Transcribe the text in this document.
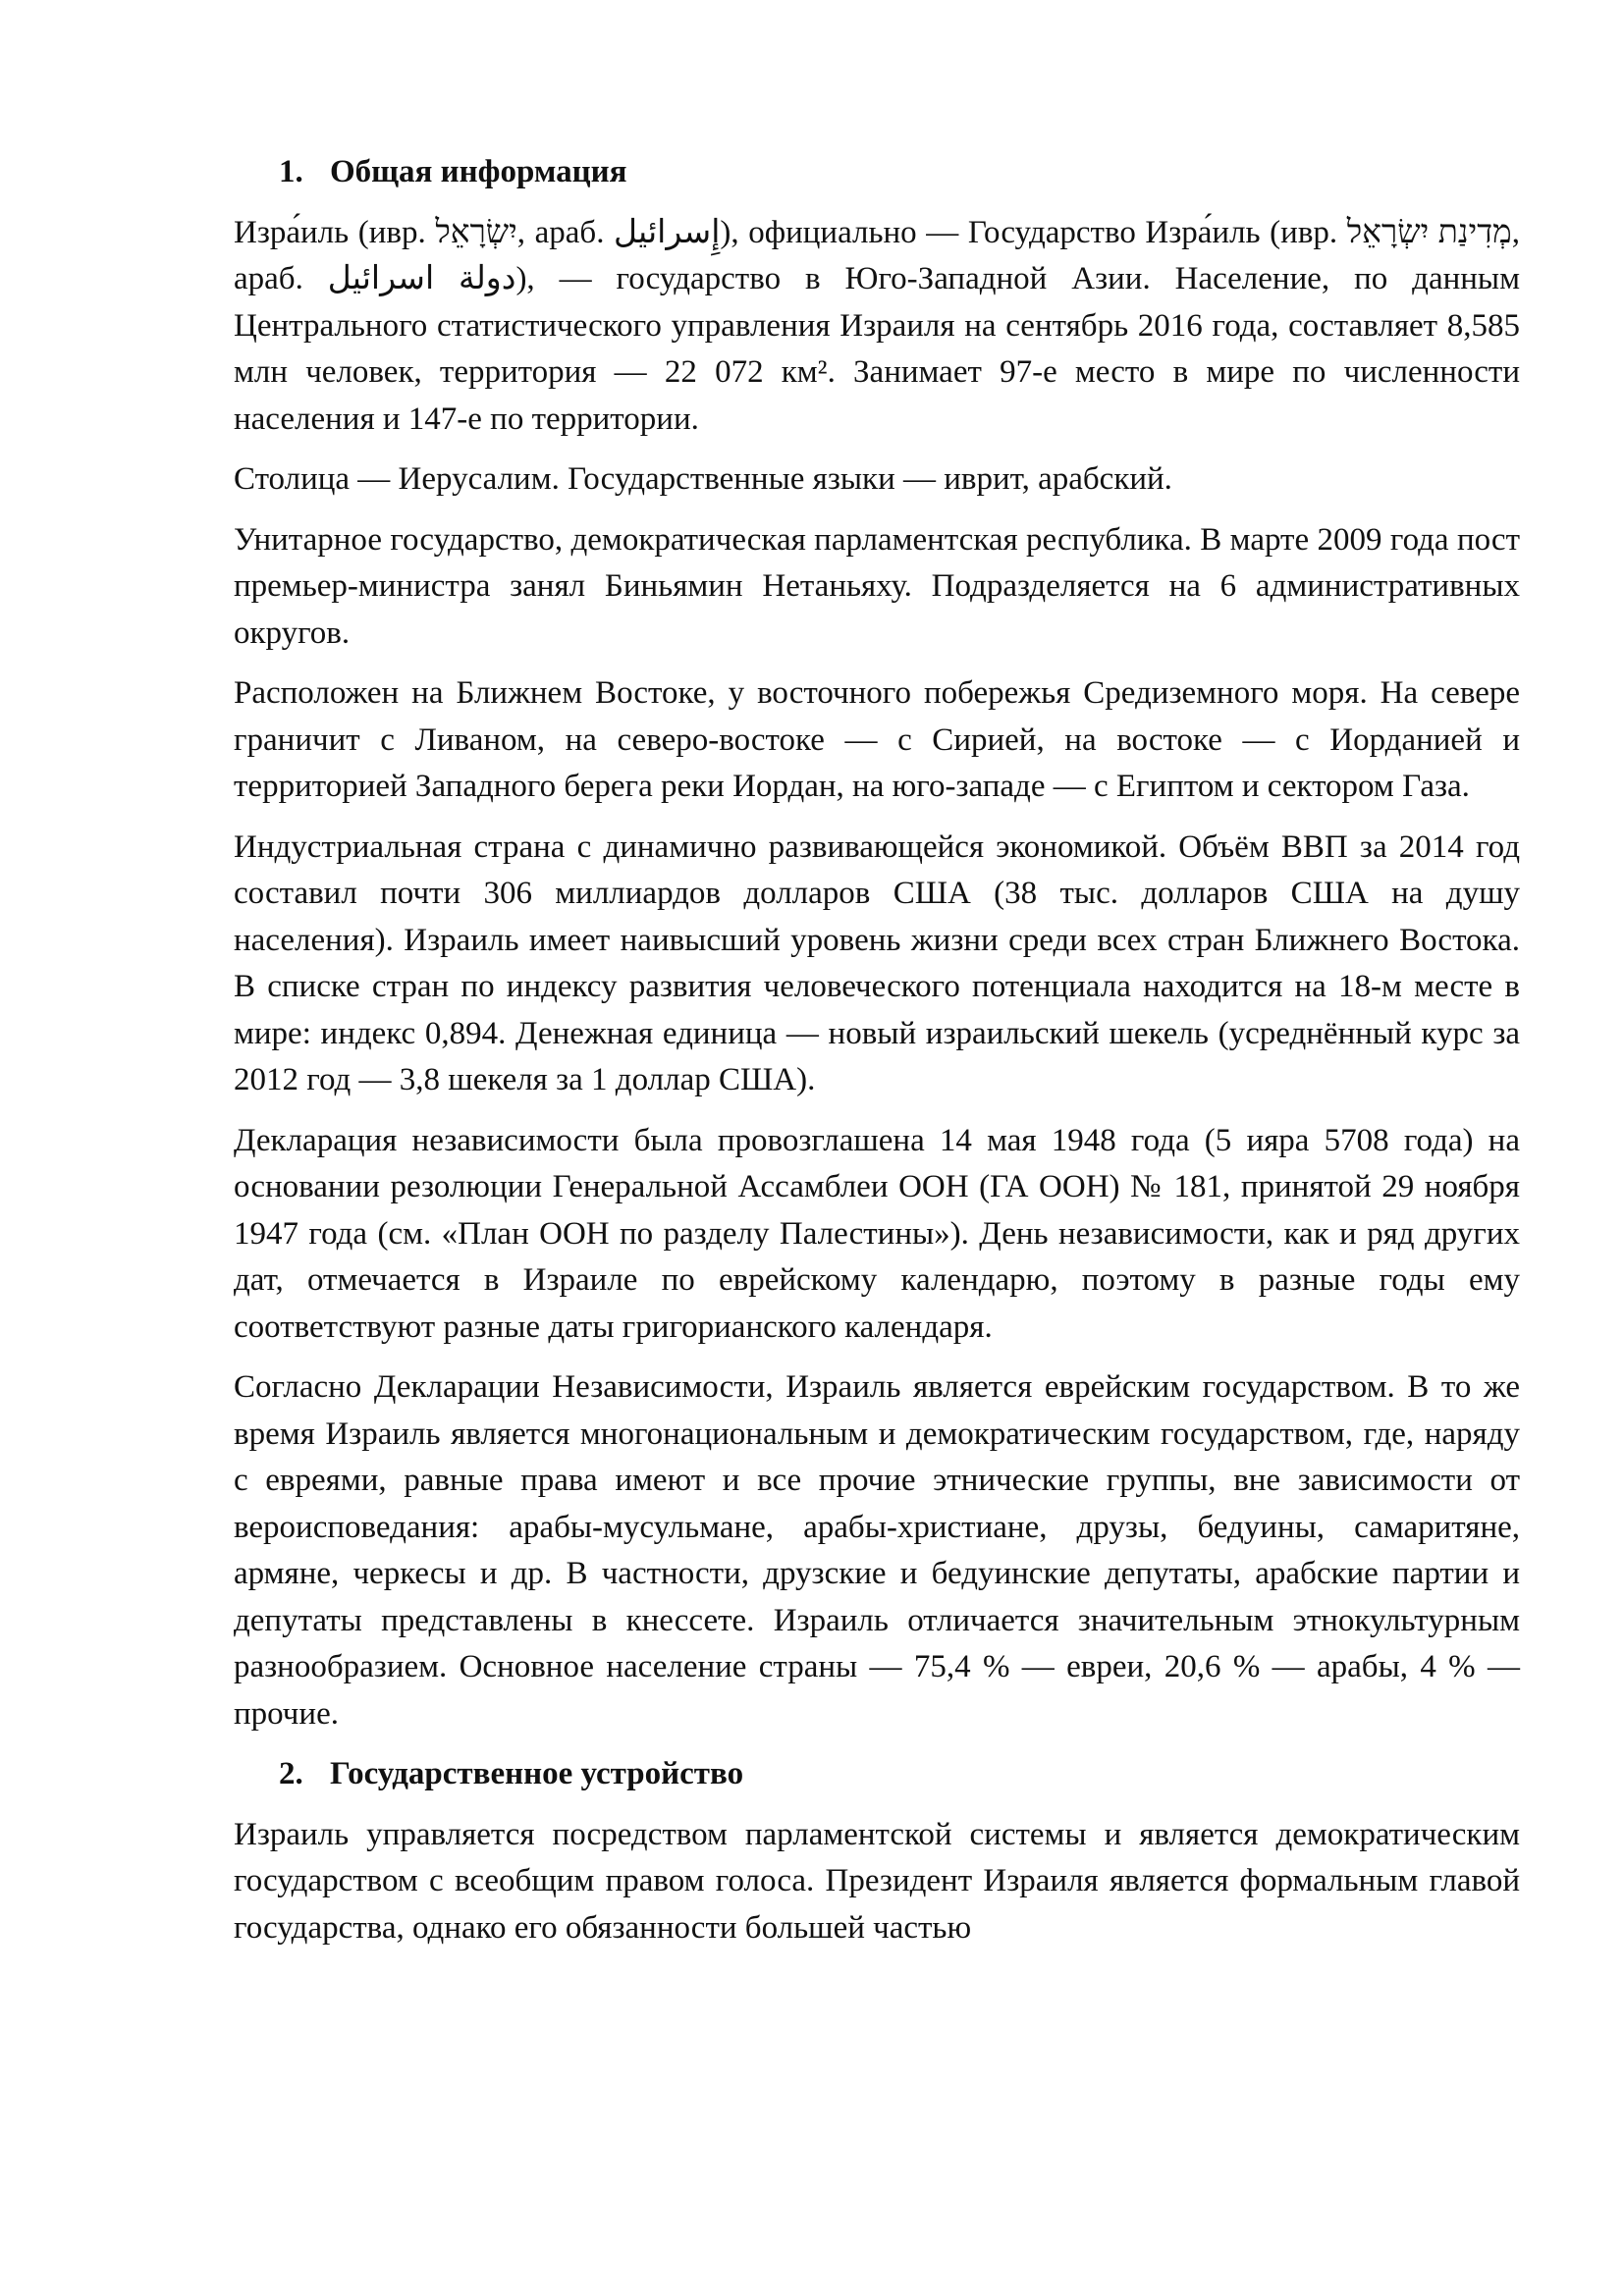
1. Общая информация

Изра́иль (ивр. יִשְׂרָאֵל, араб. إِسرائيل), официально — Государство Изра́иль (ивр. מְדִינַת יִשְׂרָאֵל, араб. دولة اسرائيل), — государство в Юго-Западной Азии. Население, по данным Центрального статистического управления Израиля на сентябрь 2016 года, составляет 8,585 млн человек, территория — 22 072 км². Занимает 97-е место в мире по численности населения и 147-е по территории.

Столица — Иерусалим. Государственные языки — иврит, арабский.

Унитарное государство, демократическая парламентская республика. В марте 2009 года пост премьер-министра занял Биньямин Нетаньяху. Подразделяется на 6 административных округов.

Расположен на Ближнем Востоке, у восточного побережья Средиземного моря. На севере граничит с Ливаном, на северо-востоке — с Сирией, на востоке — с Иорданией и территорией Западного берега реки Иордан, на юго-западе — с Египтом и сектором Газа.

Индустриальная страна с динамично развивающейся экономикой. Объём ВВП за 2014 год составил почти 306 миллиардов долларов США (38 тыс. долларов США на душу населения). Израиль имеет наивысший уровень жизни среди всех стран Ближнего Востока. В списке стран по индексу развития человеческого потенциала находится на 18-м месте в мире: индекс 0,894. Денежная единица — новый израильский шекель (усреднённый курс за 2012 год — 3,8 шекеля за 1 доллар США).

Декларация независимости была провозглашена 14 мая 1948 года (5 ияра 5708 года) на основании резолюции Генеральной Ассамблеи ООН (ГА ООН) № 181, принятой 29 ноября 1947 года (см. «План ООН по разделу Палестины»). День независимости, как и ряд других дат, отмечается в Израиле по еврейскому календарю, поэтому в разные годы ему соответствуют разные даты григорианского календаря.

Согласно Декларации Независимости, Израиль является еврейским государством. В то же время Израиль является многонациональным и демократическим государством, где, наряду с евреями, равные права имеют и все прочие этнические группы, вне зависимости от вероисповедания: арабы-мусульмане, арабы-христиане, друзы, бедуины, самаритяне, армяне, черкесы и др. В частности, друзские и бедуинские депутаты, арабские партии и депутаты представлены в кнессете. Израиль отличается значительным этнокультурным разнообразием. Основное население страны — 75,4 % — евреи, 20,6 % — арабы, 4 % — прочие.

2. Государственное устройство

Израиль управляется посредством парламентской системы и является демократическим государством с всеобщим правом голоса. Президент Израиля является формальным главой государства, однако его обязанности большей частью
